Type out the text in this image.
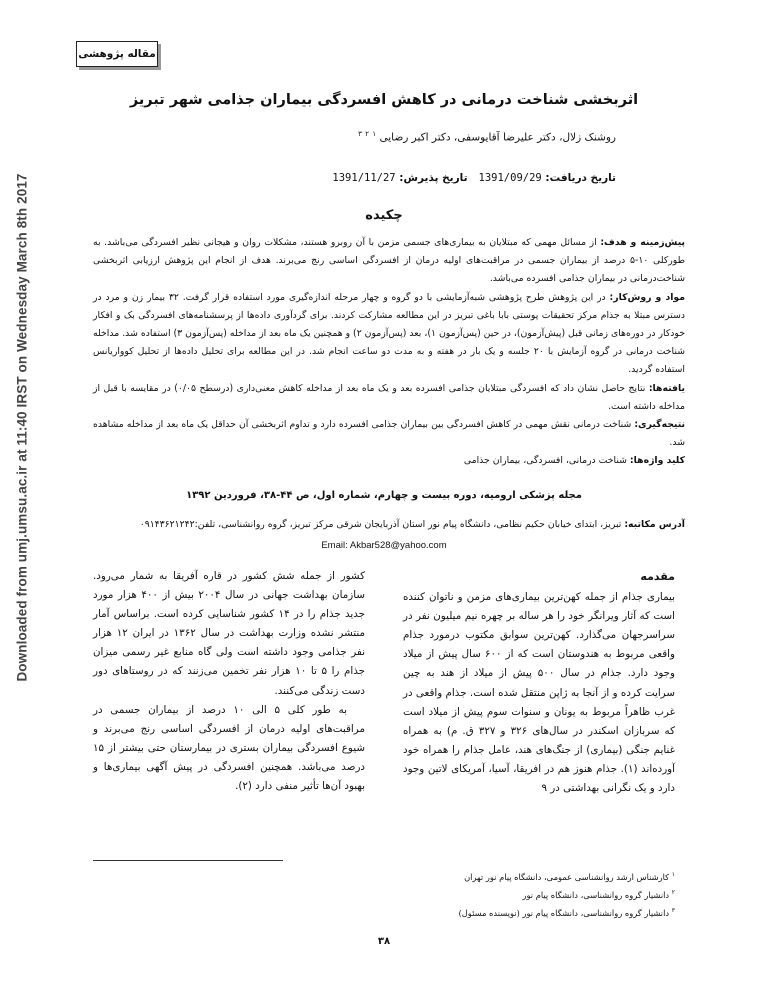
Downloaded from umj.umsu.ac.ir at 11:40 IRST on Wednesday March 8th 2017
مقاله پژوهشی
اثربخشی شناخت درمانی در کاهش افسردگی بیماران جذامی شهر تبریز
روشنک زلال، دکتر علیرضا آقایوسفی، دکتر اکبر رضایی $^۱$ $^۲$ $^۳$
تاریخ دریافت: 1391/09/29   تاریخ پذیرش: 1391/11/27
چکیده

پیش‌زمینه و هدف: از مسائل مهمی که مبتلایان به بیماری‌های جسمی مزمن با آن روبرو هستند، مشکلات روان و هیجانی نظیر افسردگی می‌باشد. به طورکلی ۱۰-۵ درصد از بیماران جسمی در مراقبت‌های اولیه درمان از افسردگی اساسی رنج می‌برند. هدف از انجام این پژوهش ارزیابی اثربخشی شناخت‌درمانی در بیماران جذامی افسرده می‌باشد.

مواد و روش‌کار: در این پژوهش طرح پژوهشی شبه‌آزمایشی با دو گروه و چهار مرحله اندازه‌گیری مورد استفاده قرار گرفت. ۳۲ بیمار زن و مرد در دسترس مبتلا به جذام مرکز تحقیقات پوستی بابا باغی تبریز در این مطالعه مشارکت کردند. برای گردآوری داده‌ها از پرسشنامه‌های افسردگی بک و افکار خودکار در دوره‌های زمانی قبل (پیش‌آزمون)، در حین (پس‌آزمون ۱)، بعد (پس‌آزمون ۲) و همچنین یک ماه بعد از مداخله (پس‌آزمون ۳) استفاده شد. مداخله شناخت درمانی در گروه آزمایش با ۲۰ جلسه و یک بار در هفته و به مدت دو ساعت انجام شد. در این مطالعه برای تحلیل داده‌ها از تحلیل کوواریانس استفاده گردید.

یافته‌ها: نتایج حاصل نشان داد که افسردگی مبتلایان جذامی افسرده بعد و یک ماه بعد از مداخله کاهش معنی‌داری (درسطح ۰/۰۵) در مقایسه با قبل از مداخله داشته است.

نتیجه‌گیری: شناخت درمانی نقش مهمی در کاهش افسردگی بین بیماران جذامی افسرده دارد و تداوم اثربخشی آن حداقل یک ماه بعد از مداخله مشاهده شد.

کلید واژه‌ها: شناخت درمانی، افسردگی، بیماران جذامی

مجله پزشکی ارومیه، دوره بیست و چهارم، شماره اول، ص ۴۴-۳۸، فروردین ۱۳۹۲
آدرس مکاتبه: تبریز، ابتدای خیابان حکیم نظامی، دانشگاه پیام نور استان آذربایجان شرقی مرکز تبریز، گروه روانشناسی، تلفن:۰۹۱۴۳۶۲۱۲۴۲
Email: Akbar528@yahoo.com
مقدمه

بیماری جذام از جمله کهن‌ترین بیماری‌های مزمن و ناتوان کننده است که آثار ویرانگر خود را هر ساله بر چهره نیم میلیون نفر در سراسرجهان می‌گذارد. کهن‌ترین سوابق مکتوب درمورد جذام واقعی مربوط به هندوستان است که از ۶۰۰ سال پیش از میلاد وجود دارد. جذام در سال ۵۰۰ پیش از میلاد از هند به چین سرایت کرده و از آنجا به ژاپن منتقل شده است. جذام واقعی در غرب ظاهراً مربوط به یونان و سنوات سوم پیش از میلاد است که سربازان اسکندر در سال‌های ۳۲۶ و ۳۲۷ ق. م) به همراه غنایم جنگی (بیماری) از جنگ‌های هند، عامل جذام را همراه خود آورده‌اند (۱). جذام هنوز هم در افریقا، آسیا، آمریکای لاتین وجود دارد و یک نگرانی بهداشتی در ۹

کشور از جمله شش کشور در قاره آفریقا به شمار می‌رود. سازمان بهداشت جهانی در سال ۲۰۰۴ بیش از ۴۰۰ هزار مورد جدید جذام را در ۱۴ کشور شناسایی کرده است. براساس آمار منتشر نشده وزارت بهداشت در سال ۱۳۶۲ در ایران ۱۲ هزار نفر جذامی وجود داشته است ولی گاه منابع غیر رسمی میزان جذام را ۵ تا ۱۰ هزار نفر تخمین می‌زنند که در روستاهای دور دست زندگی می‌کنند.

به طور کلی ۵ الی ۱۰ درصد از بیماران جسمی در مراقبت‌های اولیه درمان از افسردگی اساسی رنج می‌برند و شیوع افسردگی بیماران بستری در بیمارستان حتی بیشتر از ۱۵ درصد می‌باشد. همچنین افسردگی در پیش آگهی بیماری‌ها و بهبود آن‌ها تأثیر منفی دارد (۲).

$^۱$ کارشناس ارشد روانشناسی عمومی، دانشگاه پیام نور تهران
$^۲$ دانشیار گروه روانشناسی، دانشگاه پیام نور
$^۳$ دانشیار گروه روانشناسی، دانشگاه پیام نور (نویسنده مسئول)
۳۸
